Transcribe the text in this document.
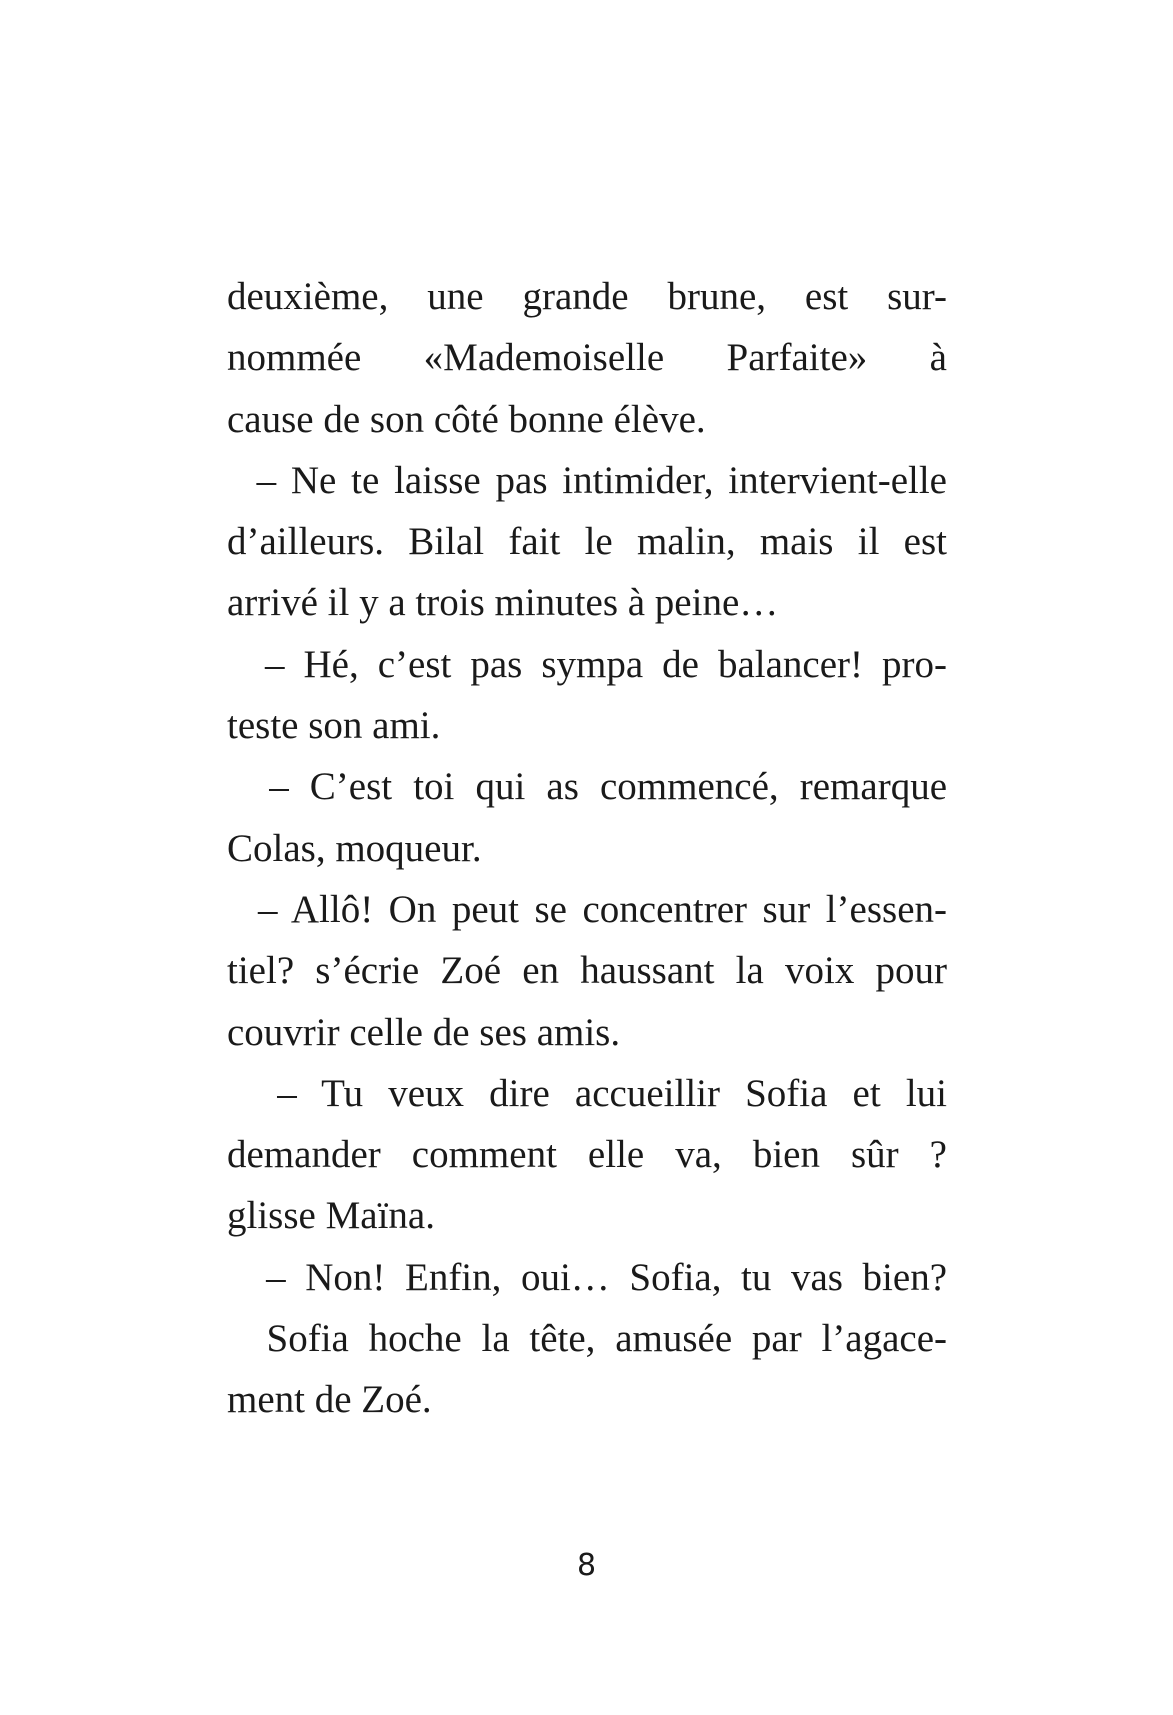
deuxième, une grande brune, est sur-
nommée «Mademoiselle Parfaite» à
cause de son côté bonne élève.
– Ne te laisse pas intimider, intervient-elle
d’ailleurs. Bilal fait le malin, mais il est
arrivé il y a trois minutes à peine…
– Hé, c’est pas sympa de balancer! pro-
teste son ami.
– C’est toi qui as commencé, remarque
Colas, moqueur.
– Allô! On peut se concentrer sur l’essen-
tiel? s’écrie Zoé en haussant la voix pour
couvrir celle de ses amis.
– Tu veux dire accueillir Sofia et lui
demander comment elle va, bien sûr ?
glisse Maïna.
– Non! Enfin, oui… Sofia, tu vas bien?
Sofia hoche la tête, amusée par l’agace-
ment de Zoé.
8
